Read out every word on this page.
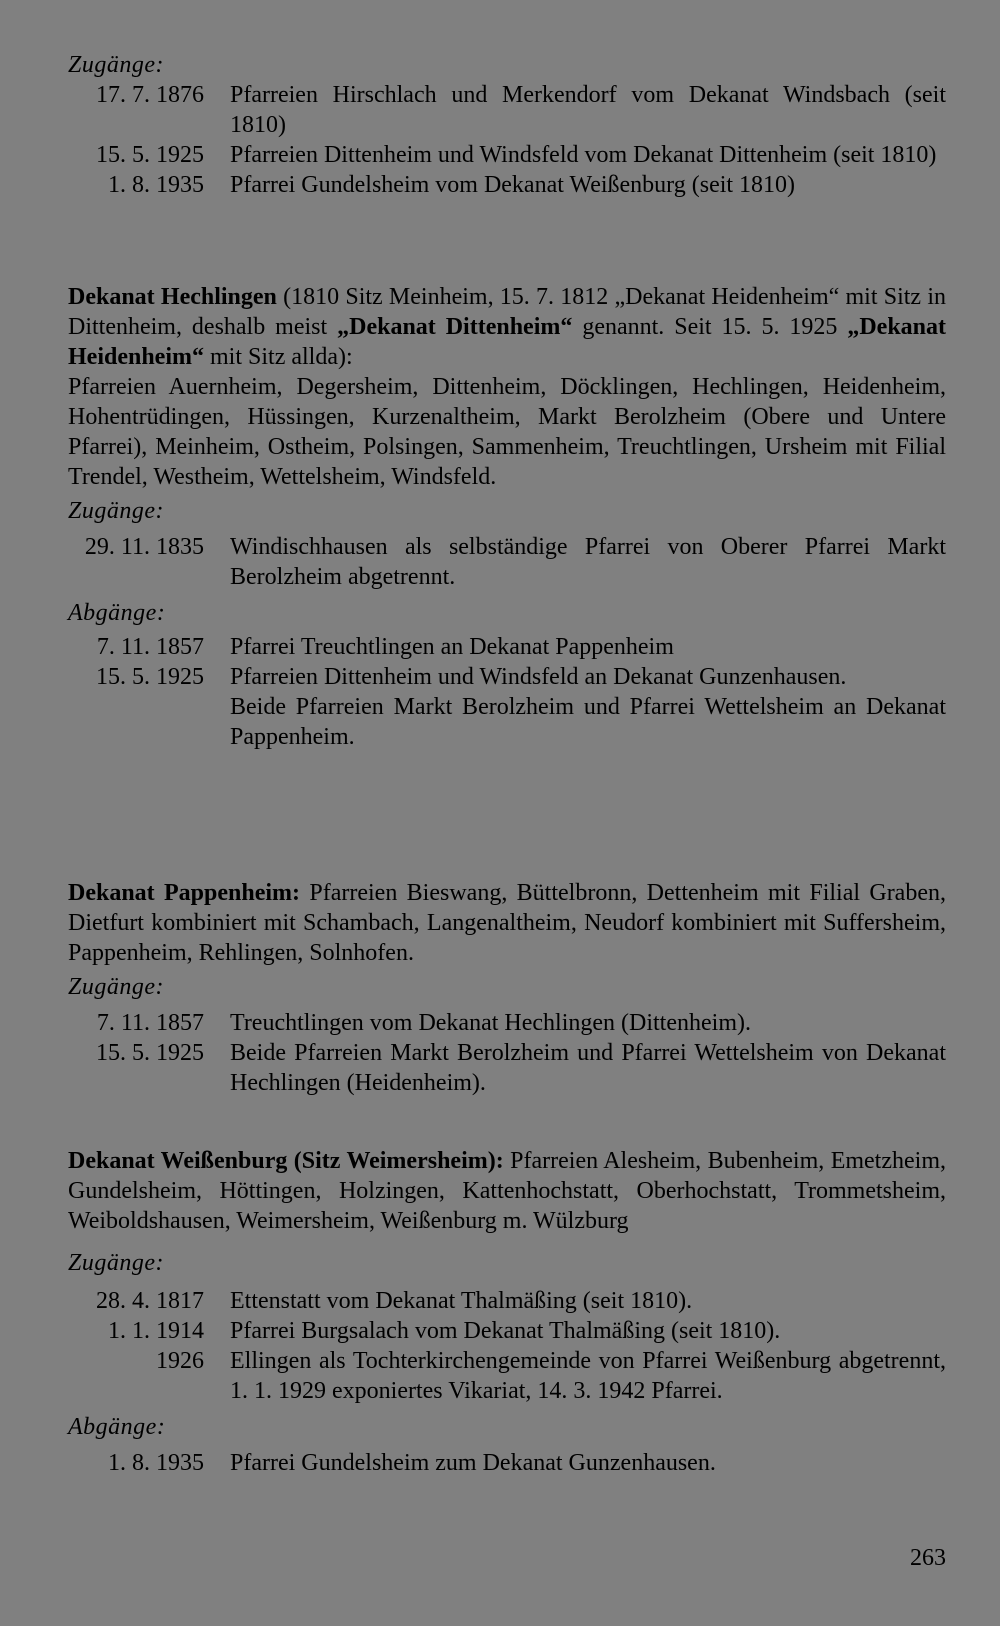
Zugänge:
17. 7. 1876	Pfarreien Hirschlach und Merkendorf vom Dekanat Windsbach (seit 1810)
15. 5. 1925	Pfarreien Dittenheim und Windsfeld vom Dekanat Dittenheim (seit 1810)
1. 8. 1935	Pfarrei Gundelsheim vom Dekanat Weißenburg (seit 1810)
Dekanat Hechlingen (1810 Sitz Meinheim, 15. 7. 1812 „Dekanat Heidenheim“ mit Sitz in Dittenheim, deshalb meist „Dekanat Dittenheim“ genannt. Seit 15. 5. 1925 „Dekanat Heidenheim“ mit Sitz allda):
Pfarreien Auernheim, Degersheim, Dittenheim, Döcklingen, Hechlingen, Heidenheim, Hohentrüdingen, Hüssingen, Kurzenaltheim, Markt Berolzheim (Obere und Untere Pfarrei), Meinheim, Ostheim, Polsingen, Sammenheim, Treuchtlingen, Ursheim mit Filial Trendel, Westheim, Wettelsheim, Windsfeld.
Zugänge:
29. 11. 1835	Windischhausen als selbständige Pfarrei von Oberer Pfarrei Markt Berolzheim abgetrennt.
Abgänge:
7. 11. 1857	Pfarrei Treuchtlingen an Dekanat Pappenheim
15. 5. 1925	Pfarreien Dittenheim und Windsfeld an Dekanat Gunzenhausen.
Beide Pfarreien Markt Berolzheim und Pfarrei Wettelsheim an Dekanat Pappenheim.
Dekanat Pappenheim: Pfarreien Bieswang, Büttelbronn, Dettenheim mit Filial Graben, Dietfurt kombiniert mit Schambach, Langenaltheim, Neudorf kombiniert mit Suffersheim, Pappenheim, Rehlingen, Solnhofen.
Zugänge:
7. 11. 1857	Treuchtlingen vom Dekanat Hechlingen (Dittenheim).
15. 5. 1925	Beide Pfarreien Markt Berolzheim und Pfarrei Wettelsheim von Dekanat Hechlingen (Heidenheim).
Dekanat Weißenburg (Sitz Weimersheim): Pfarreien Alesheim, Bubenheim, Emetzheim, Gundelsheim, Höttingen, Holzingen, Kattenhochstatt, Oberhochstatt, Trommetsheim, Weiboldshausen, Weimersheim, Weißenburg m. Wülzburg
Zugänge:
28. 4. 1817	Ettenstatt vom Dekanat Thalmäßing (seit 1810).
1. 1. 1914	Pfarrei Burgsalach vom Dekanat Thalmäßing (seit 1810).
1926	Ellingen als Tochterkirchengemeinde von Pfarrei Weißenburg abgetrennt, 1. 1. 1929 exponiertes Vikariat, 14. 3. 1942 Pfarrei.
Abgänge:
1. 8. 1935	Pfarrei Gundelsheim zum Dekanat Gunzenhausen.
263
